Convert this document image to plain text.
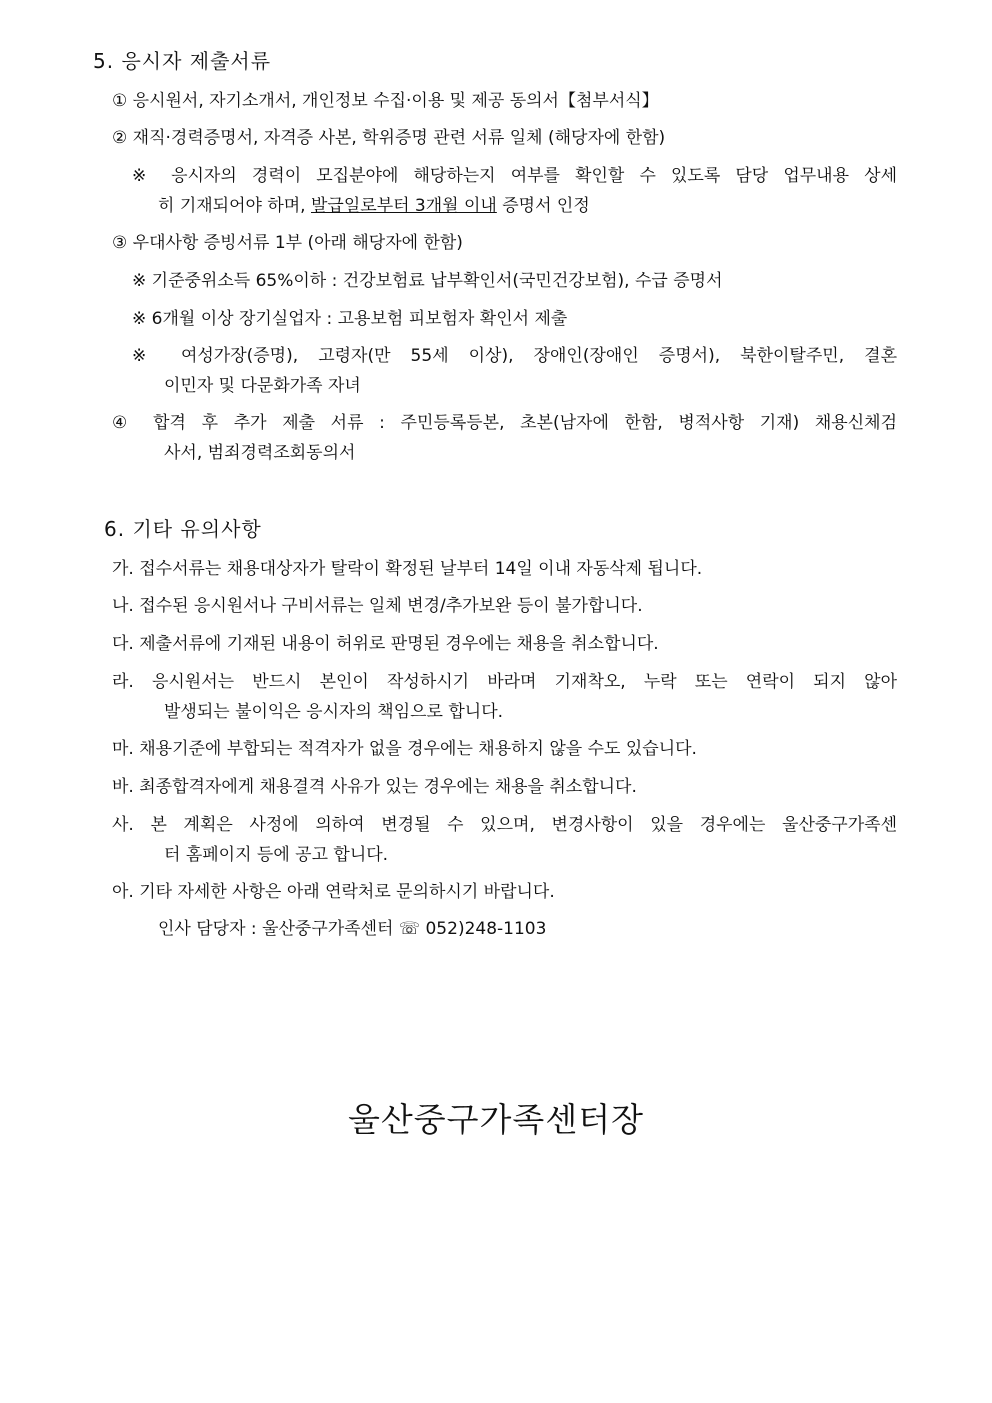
5. 응시자 제출서류
① 응시원서, 자기소개서, 개인정보 수집·이용 및 제공 동의서【첨부서식】
② 재직·경력증명서, 자격증 사본, 학위증명 관련 서류 일체 (해당자에 한함)
※ 응시자의 경력이 모집분야에 해당하는지 여부를 확인할 수 있도록 담당 업무내용 상세
히 기재되어야 하며, 발급일로부터 3개월 이내 증명서 인정
③ 우대사항 증빙서류 1부 (아래 해당자에 한함)
※ 기준중위소득 65%이하 : 건강보험료 납부확인서(국민건강보험), 수급 증명서
※ 6개월 이상 장기실업자 : 고용보험 피보험자 확인서 제출
※ 여성가장(증명), 고령자(만 55세 이상), 장애인(장애인 증명서), 북한이탈주민, 결혼
이민자 및 다문화가족 자녀
④ 합격 후 추가 제출 서류 : 주민등록등본, 초본(남자에 한함, 병적사항 기재) 채용신체검
사서, 범죄경력조회동의서
6. 기타 유의사항
가. 접수서류는 채용대상자가 탈락이 확정된 날부터 14일 이내 자동삭제 됩니다.
나. 접수된 응시원서나 구비서류는 일체 변경/추가보완 등이 불가합니다.
다. 제출서류에 기재된 내용이 허위로 판명된 경우에는 채용을 취소합니다.
라. 응시원서는 반드시 본인이 작성하시기 바라며 기재착오, 누락 또는 연락이 되지 않아
발생되는 불이익은 응시자의 책임으로 합니다.
마. 채용기준에 부합되는 적격자가 없을 경우에는 채용하지 않을 수도 있습니다.
바. 최종합격자에게 채용결격 사유가 있는 경우에는 채용을 취소합니다.
사. 본 계획은 사정에 의하여 변경될 수 있으며, 변경사항이 있을 경우에는 울산중구가족센
터 홈페이지 등에 공고 합니다.
아. 기타 자세한 사항은 아래 연락처로 문의하시기 바랍니다.
인사 담당자 : 울산중구가족센터 ☏ 052)248-1103
울산중구가족센터장
